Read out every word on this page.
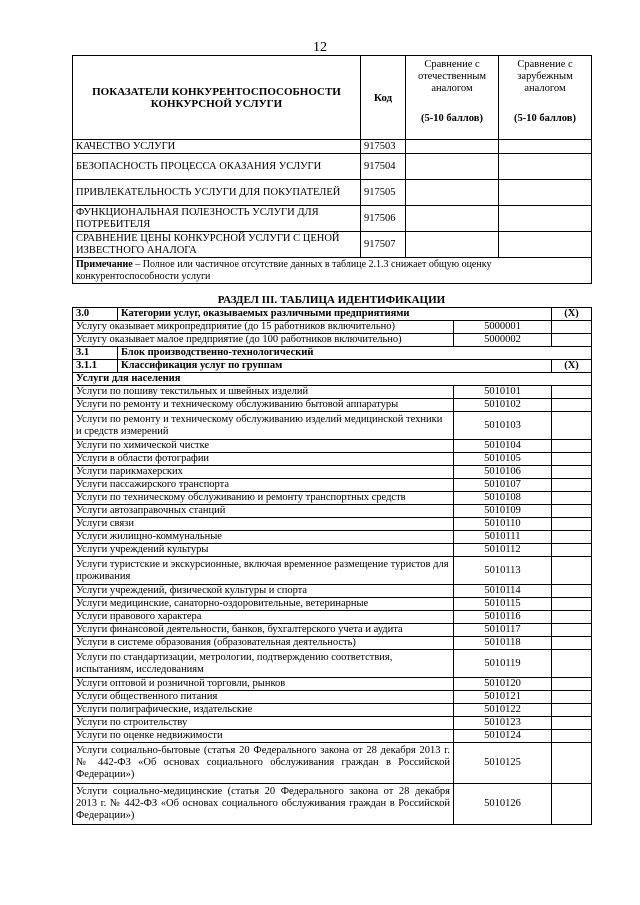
12
ПОКАЗАТЕЛИ КОНКУРЕНТОСПОСОБНОСТИ КОНКУРСНОЙ УСЛУГИ	Код	Сравнение с отечественным аналогом
(5-10 баллов)	Сравнение с зарубежным аналогом
(5-10 баллов)

КАЧЕСТВО УСЛУГИ	917503		
БЕЗОПАСНОСТЬ ПРОЦЕССА ОКАЗАНИЯ УСЛУГИ	917504		
ПРИВЛЕКАТЕЛЬНОСТЬ УСЛУГИ ДЛЯ ПОКУПАТЕЛЕЙ	917505		
ФУНКЦИОНАЛЬНАЯ ПОЛЕЗНОСТЬ УСЛУГИ ДЛЯ ПОТРЕБИТЕЛЯ	917506		
СРАВНЕНИЕ ЦЕНЫ КОНКУРСНОЙ УСЛУГИ С ЦЕНОЙ ИЗВЕСТНОГО АНАЛОГА	917507		
Примечание – Полное или частичное отсутствие данных в таблице 2.1.3 снижает общую оценку конкурентоспособности услуги			
РАЗДЕЛ III. ТАБЛИЦА ИДЕНТИФИКАЦИИ
3.0	Категории услуг, оказываемых различными предприятиями		(X)
Услугу оказывает микропредприятие (до 15 работников включительно)		5000001	
Услугу оказывает малое предприятие (до 100 работников включительно)		5000002	
3.1	Блок производственно-технологический		
3.1.1	Классификация услуг по группам		(X)
Услуги для населения			
Услуги по пошиву текстильных и швейных изделий		5010101	
Услуги по ремонту и техническому обслуживанию бытовой аппаратуры		5010102	
Услуги по ремонту и техническому обслуживанию изделий медицинской техники и средств измерений		5010103	
Услуги по химической чистке		5010104	
Услуги в области фотографии		5010105	
Услуги парикмахерских		5010106	
Услуги пассажирского транспорта		5010107	
Услуги по техническому обслуживанию и ремонту транспортных средств		5010108	
Услуги автозаправочных станций		5010109	
Услуги связи		5010110	
Услуги жилищно-коммунальные		5010111	
Услуги учреждений культуры		5010112	
Услуги туристские и экскурсионные, включая временное размещение туристов для проживания		5010113	
Услуги учреждений, физической культуры и спорта		5010114	
Услуги медицинские, санаторно-оздоровительные, ветеринарные		5010115	
Услуги правового характера		5010116	
Услуги финансовой деятельности, банков, бухгалтерского учета и аудита		5010117	
Услуги в системе образования (образовательная деятельность)		5010118	
Услуги по стандартизации, метрологии, подтверждению соответствия, испытаниям, исследованиям		5010119	
Услуги оптовой и розничной торговли, рынков		5010120	
Услуги общественного питания		5010121	
Услуги полиграфические, издательские		5010122	
Услуги по строительству		5010123	
Услуги по оценке недвижимости		5010124	
Услуги социально-бытовые (статья 20 Федерального закона от 28 декабря 2013 г. № 442-ФЗ «Об основах социального обслуживания граждан в Российской Федерации»)		5010125	
Услуги социально-медицинские (статья 20 Федерального закона от 28 декабря 2013 г. № 442-ФЗ «Об основах социального обслуживания граждан в Российской Федерации»)		5010126	
